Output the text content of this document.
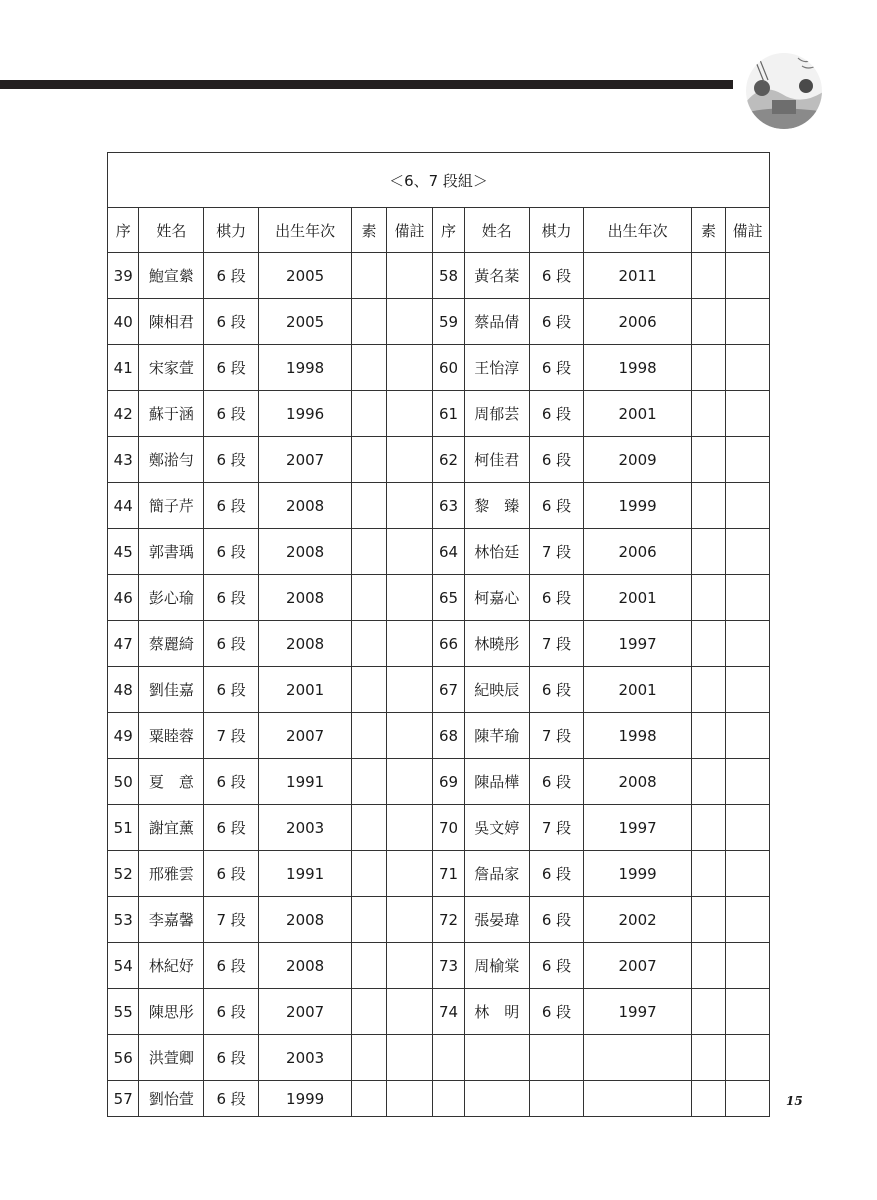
＜6、7 段組＞											
序	姓名	棋力	出生年次	素	備註	序	姓名	棋力	出生年次	素	備註
39	鮑宣縈	6 段	2005			58	黃名棻	6 段	2011		
40	陳相君	6 段	2005			59	蔡品倩	6 段	2006		
41	宋家萱	6 段	1998			60	王怡淳	6 段	1998		
42	蘇于涵	6 段	1996			61	周郁芸	6 段	2001		
43	鄭湁勻	6 段	2007			62	柯佳君	6 段	2009		
44	簡子芹	6 段	2008			63	黎　臻	6 段	1999		
45	郭書瑀	6 段	2008			64	林怡廷	7 段	2006		
46	彭心瑜	6 段	2008			65	柯嘉心	6 段	2001		
47	蔡麗綺	6 段	2008			66	林曉彤	7 段	1997		
48	劉佳嘉	6 段	2001			67	紀映辰	6 段	2001		
49	粟睦蓉	7 段	2007			68	陳芊瑜	7 段	1998		
50	夏　意	6 段	1991			69	陳品樺	6 段	2008		
51	謝宜薰	6 段	2003			70	吳文婷	7 段	1997		
52	邢雅雲	6 段	1991			71	詹品家	6 段	1999		
53	李嘉馨	7 段	2008			72	張晏瑋	6 段	2002		
54	林紀妤	6 段	2008			73	周榆棠	6 段	2007		
55	陳思彤	6 段	2007			74	林　明	6 段	1997		
56	洪萱卿	6 段	2003								
57	劉怡萱	6 段	1999									15
